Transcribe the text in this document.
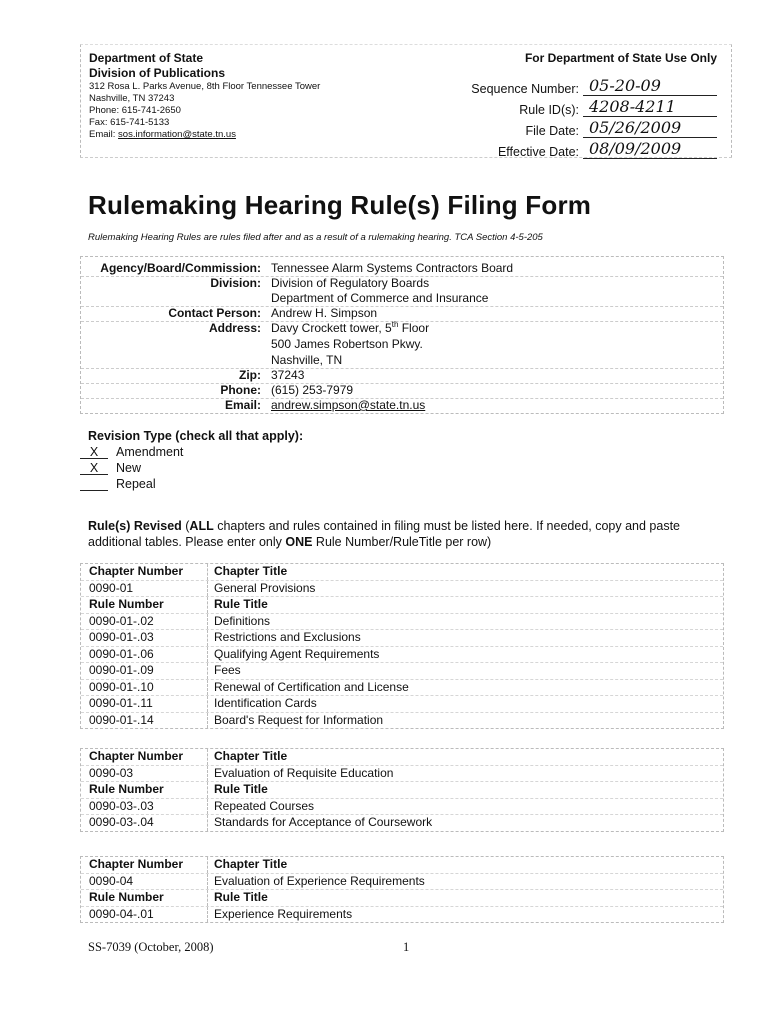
Department of State
Division of Publications
312 Rosa L. Parks Avenue, 8th Floor Tennessee Tower
Nashville, TN 37243
Phone: 615-741-2650
Fax: 615-741-5133
Email: sos.information@state.tn.us
For Department of State Use Only
Sequence Number: 05-20-09
Rule ID(s): 4208-4211
File Date: 05/26/2009
Effective Date: 08/09/2009
Rulemaking Hearing Rule(s) Filing Form
Rulemaking Hearing Rules are rules filed after and as a result of a rulemaking hearing. TCA Section 4-5-205
Agency/Board/Commission: Tennessee Alarm Systems Contractors Board
Division: Division of Regulatory Boards
Department of Commerce and Insurance
Contact Person: Andrew H. Simpson
Address: Davy Crockett tower, 5th Floor
500 James Robertson Pkwy.
Nashville, TN
Zip: 37243
Phone: (615) 253-7979
Email: andrew.simpson@state.tn.us
Revision Type (check all that apply):
X	Amendment
X	New
Repeal
Rule(s) Revised (ALL chapters and rules contained in filing must be listed here. If needed, copy and paste additional tables. Please enter only ONE Rule Number/RuleTitle per row)
Chapter Number	Chapter Title
0090-01	General Provisions
Rule Number	Rule Title
0090-01-.02	Definitions
0090-01-.03	Restrictions and Exclusions
0090-01-.06	Qualifying Agent Requirements
0090-01-.09	Fees
0090-01-.10	Renewal of Certification and License
0090-01-.11	Identification Cards
0090-01-.14	Board's Request for Information
Chapter Number	Chapter Title
0090-03	Evaluation of Requisite Education
Rule Number	Rule Title
0090-03-.03	Repeated Courses
0090-03-.04	Standards for Acceptance of Coursework
Chapter Number	Chapter Title
0090-04	Evaluation of Experience Requirements
Rule Number	Rule Title
0090-04-.01	Experience Requirements
SS-7039 (October, 2008)	1
